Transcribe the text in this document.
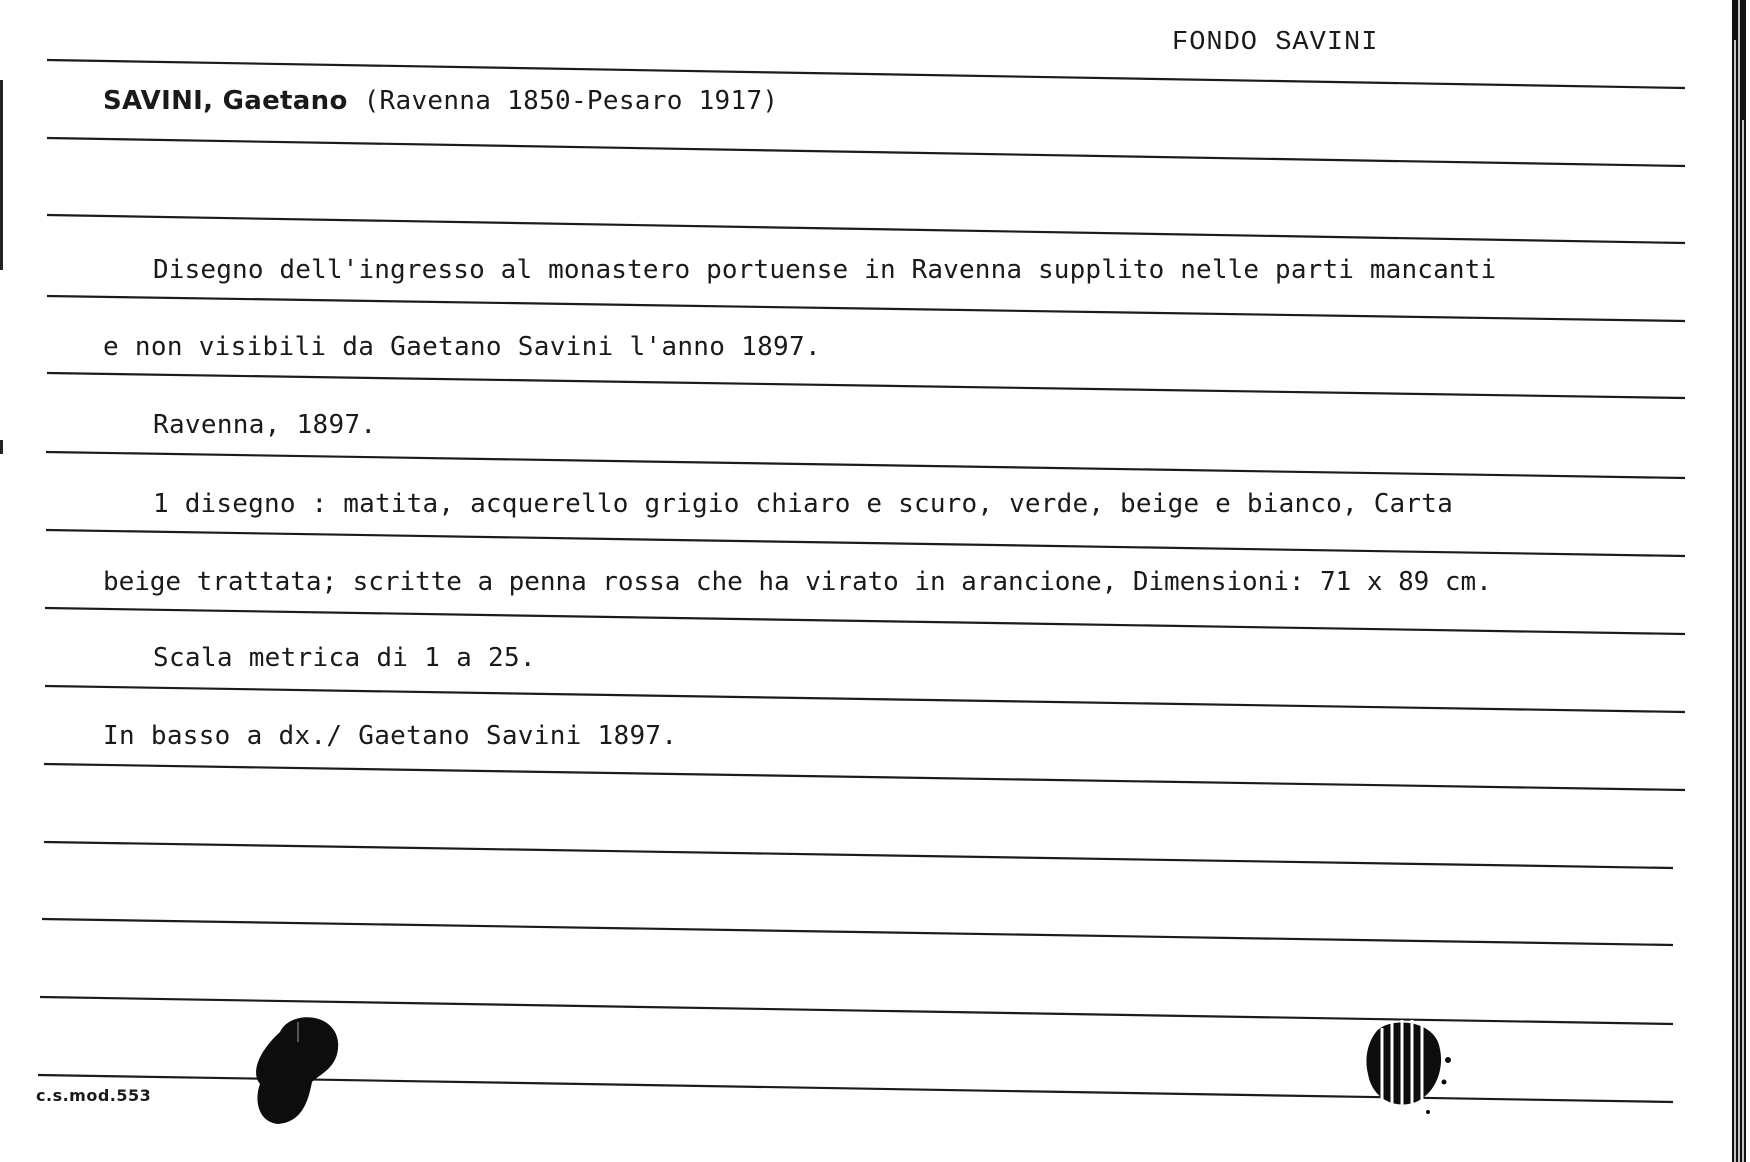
FONDO SAVINI
SAVINI, Gaetano (Ravenna 1850-Pesaro 1917)
Disegno dell'ingresso al monastero portuense in Ravenna supplito nelle parti mancanti
e non visibili da Gaetano Savini l'anno 1897.
Ravenna, 1897.
1 disegno : matita, acquerello grigio chiaro e scuro, verde, beige e bianco, Carta
beige trattata; scritte a penna rossa che ha virato in arancione, Dimensioni: 71 x 89 cm.
Scala metrica di 1 a 25.
In basso a dx./ Gaetano Savini 1897.
c.s.mod.553
